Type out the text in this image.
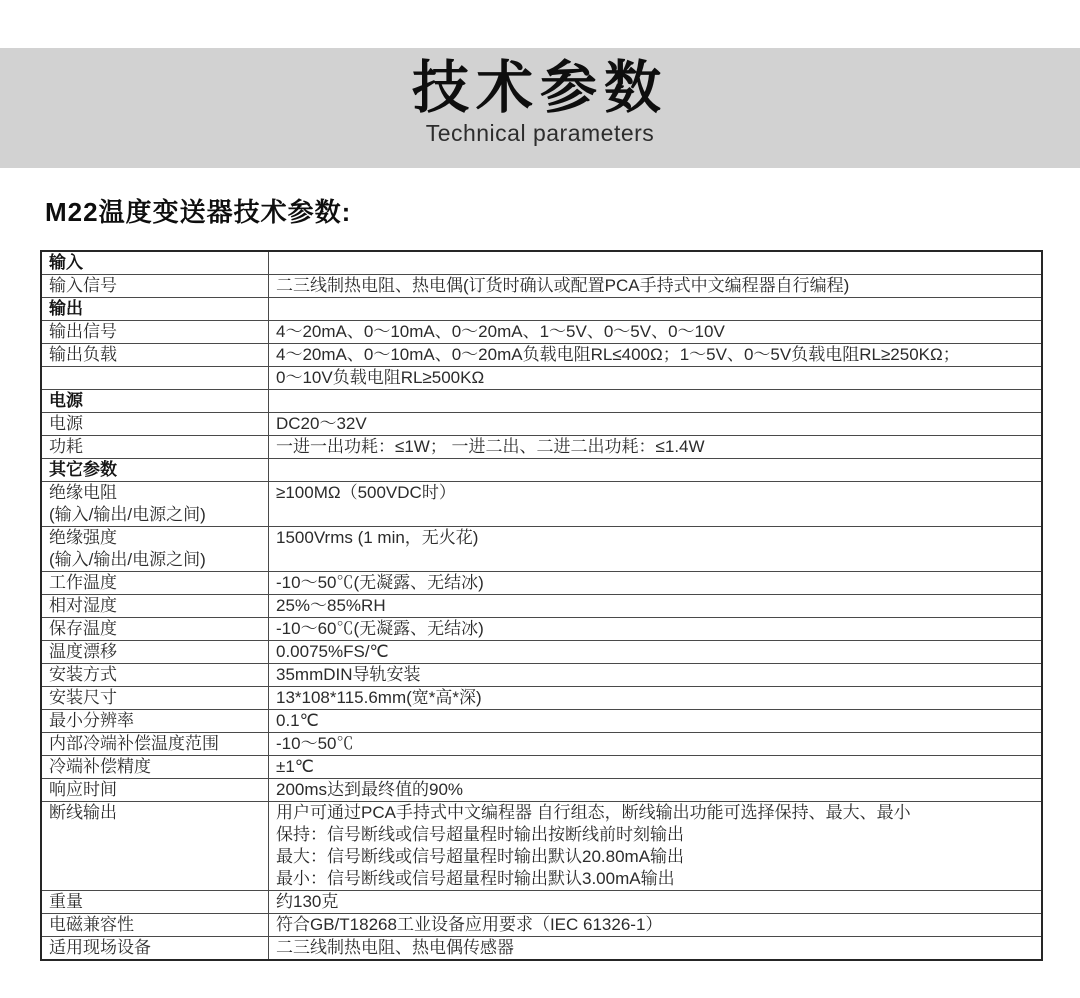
技术参数
Technical parameters
M22温度变送器技术参数:
输入	

输入信号	二三线制热电阻、热电偶(订货时确认或配置PCA手持式中文编程器自行编程)

输出	

输出信号	4～20mA、0～10mA、0～20mA、1～5V、0～5V、0～10V

输出负载	4～20mA、0～10mA、0～20mA负载电阻RL≤400Ω；1～5V、0～5V负载电阻RL≥250KΩ；

	0～10V负载电阻RL≥500KΩ

电源	

电源	DC20～32V

功耗	一进一出功耗：≤1W； 一进二出、二进二出功耗：≤1.4W

其它参数	

绝缘电阻
(输入/输出/电源之间)	≥100MΩ（500VDC时）

绝缘强度
(输入/输出/电源之间)	1500Vrms (1 min，无火花)

工作温度	-10～50℃(无凝露、无结冰)

相对湿度	25%～85%RH

保存温度	-10～60℃(无凝露、无结冰)

温度漂移	0.0075%FS/℃

安装方式	35mmDIN导轨安装

安装尺寸	13*108*115.6mm(宽*高*深)

最小分辨率	0.1℃

内部冷端补偿温度范围	-10～50℃

冷端补偿精度	±1℃

响应时间	200ms达到最终值的90%

断线输出	用户可通过PCA手持式中文编程器 自行组态，断线输出功能可选择保持、最大、最小
保持：信号断线或信号超量程时输出按断线前时刻输出
最大：信号断线或信号超量程时输出默认20.80mA输出
最小：信号断线或信号超量程时输出默认3.00mA输出

重量	约130克

电磁兼容性	符合GB/T18268工业设备应用要求（IEC 61326-1）

适用现场设备	二三线制热电阻、热电偶传感器
